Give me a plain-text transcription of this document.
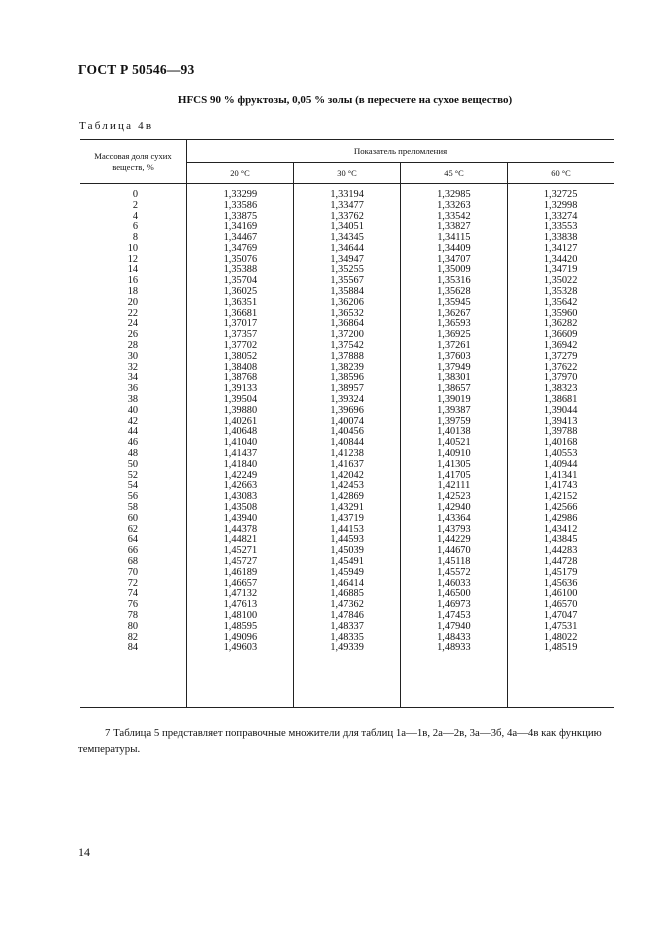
ГОСТ Р 50546—93
HFCS 90 % фруктозы, 0,05 % золы (в пересчете на сухое вещество)
Таблица 4в
Массовая доля сухих веществ, %
Показатель преломления
20 °C	30 °C	45 °C	60 °C
0	1,33299	1,33194	1,32985	1,32725
2	1,33586	1,33477	1,33263	1,32998
4	1,33875	1,33762	1,33542	1,33274
6	1,34169	1,34051	1,33827	1,33553
8	1,34467	1,34345	1,34115	1,33838
10	1,34769	1,34644	1,34409	1,34127
12	1,35076	1,34947	1,34707	1,34420
14	1,35388	1,35255	1,35009	1,34719
16	1,35704	1,35567	1,35316	1,35022
18	1,36025	1,35884	1,35628	1,35328
20	1,36351	1,36206	1,35945	1,35642
22	1,36681	1,36532	1,36267	1,35960
24	1,37017	1,36864	1,36593	1,36282
26	1,37357	1,37200	1,36925	1,36609
28	1,37702	1,37542	1,37261	1,36942
30	1,38052	1,37888	1,37603	1,37279
32	1,38408	1,38239	1,37949	1,37622
34	1,38768	1,38596	1,38301	1,37970
36	1,39133	1,38957	1,38657	1,38323
38	1,39504	1,39324	1,39019	1,38681
40	1,39880	1,39696	1,39387	1,39044
42	1,40261	1,40074	1,39759	1,39413
44	1,40648	1,40456	1,40138	1,39788
46	1,41040	1,40844	1,40521	1,40168
48	1,41437	1,41238	1,40910	1,40553
50	1,41840	1,41637	1,41305	1,40944
52	1,42249	1,42042	1,41705	1,41341
54	1,42663	1,42453	1,42111	1,41743
56	1,43083	1,42869	1,42523	1,42152
58	1,43508	1,43291	1,42940	1,42566
60	1,43940	1,43719	1,43364	1,42986
62	1,44378	1,44153	1,43793	1,43412
64	1,44821	1,44593	1,44229	1,43845
66	1,45271	1,45039	1,44670	1,44283
68	1,45727	1,45491	1,45118	1,44728
70	1,46189	1,45949	1,45572	1,45179
72	1,46657	1,46414	1,46033	1,45636
74	1,47132	1,46885	1,46500	1,46100
76	1,47613	1,47362	1,46973	1,46570
78	1,48100	1,47846	1,47453	1,47047
80	1,48595	1,48337	1,47940	1,47531
82	1,49096	1,48335	1,48433	1,48022
84	1,49603	1,49339	1,48933	1,48519
7 Таблица 5 представляет поправочные множители для таблиц 1а—1в, 2а—2в, 3а—3б, 4а—4в как функцию температуры.
14
